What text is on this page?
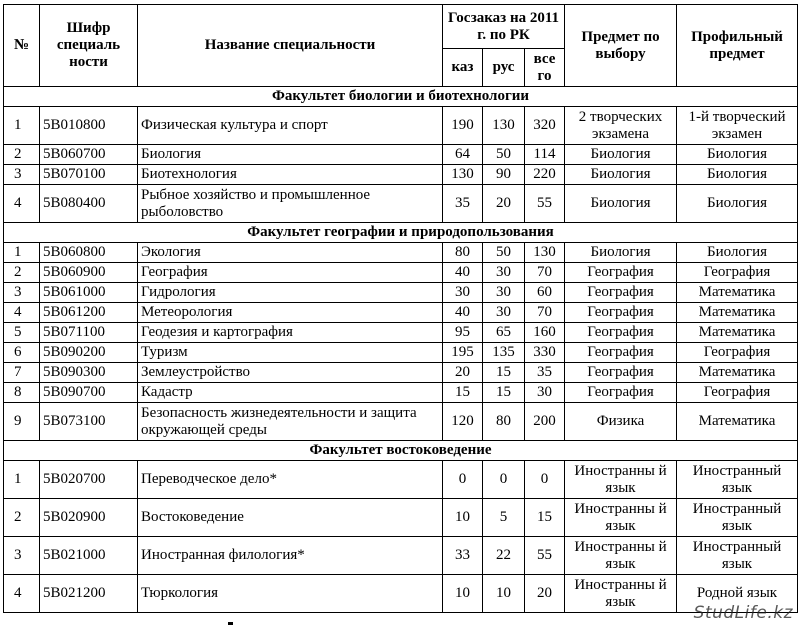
№	Шифр специаль ности	Название специальности	Госзаказ на 2011 г. по РК			Предмет по выбору	Профильный предмет
			каз	рус	все го		
Факультет биологии и биотехнологии							
1	5В010800	Физическая культура и спорт	190	130	320	2 творческих экзамена	1-й творческий экзамен
2	5В060700	Биология	64	50	114	Биология	Биология
3	5В070100	Биотехнология	130	90	220	Биология	Биология
4	5В080400	Рыбное хозяйство и промышленное рыболовство	35	20	55	Биология	Биология
Факультет географии и природопользования							
1	5В060800	Экология	80	50	130	Биология	Биология
2	5В060900	География	40	30	70	География	География
3	5В061000	Гидрология	30	30	60	География	Математика
4	5В061200	Метеорология	40	30	70	География	Математика
5	5В071100	Геодезия и картография	95	65	160	География	Математика
6	5В090200	Туризм	195	135	330	География	География
7	5В090300	Землеустройство	20	15	35	География	Математика
8	5В090700	Кадастр	15	15	30	География	География
9	5В073100	Безопасность жизнедеятельности и защита окружающей среды	120	80	200	Физика	Математика
Факультет востоковедение							
1	5В020700	Переводческое дело*	0	0	0	Иностранны й язык	Иностранный язык
2	5В020900	Востоковедение	10	5	15	Иностранны й язык	Иностранный язык
3	5В021000	Иностранная филология*	33	22	55	Иностранны й язык	Иностранный язык
4	5В021200	Тюркология	10	10	20	Иностранны й язык	Родной язык
StudLife.kz
